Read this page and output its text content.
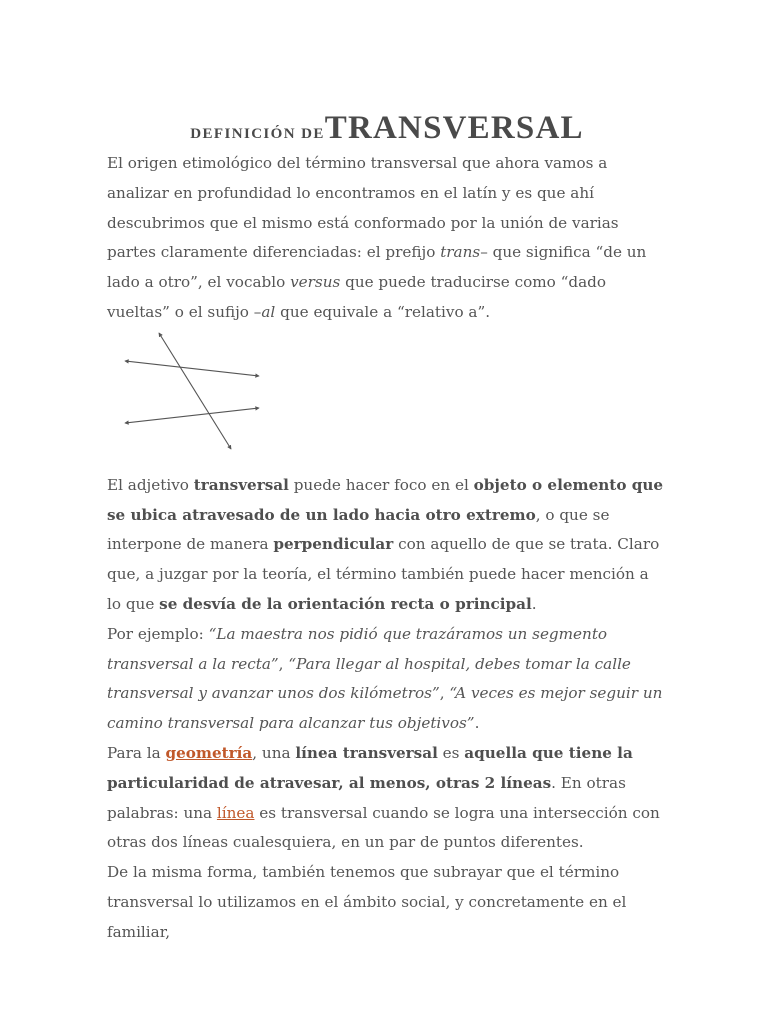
DEFINICIÓN DETRANSVERSAL

El origen etimológico del término transversal que ahora vamos a analizar en profundidad lo encontramos en el latín y es que ahí descubrimos que el mismo está conformado por la unión de varias partes claramente diferenciadas: el prefijo trans– que significa “de un lado a otro”, el vocablo versus que puede traducirse como “dado vueltas” o el sufijo –al que equivale a “relativo a”.

El adjetivo transversal puede hacer foco en el objeto o elemento que se ubica atravesado de un lado hacia otro extremo, o que se interpone de manera perpendicular con aquello de que se trata. Claro que, a juzgar por la teoría, el término también puede hacer mención a lo que se desvía de la orientación recta o principal.

Por ejemplo: “La maestra nos pidió que trazáramos un segmento transversal a la recta”, “Para llegar al hospital, debes tomar la calle transversal y avanzar unos dos kilómetros”, “A veces es mejor seguir un camino transversal para alcanzar tus objetivos”.

Para la geometría, una línea transversal es aquella que tiene la particularidad de atravesar, al menos, otras 2 líneas. En otras palabras: una línea es transversal cuando se logra una intersección con otras dos líneas cualesquiera, en un par de puntos diferentes.

De la misma forma, también tenemos que subrayar que el término transversal lo utilizamos en el ámbito social, y concretamente en el familiar,
